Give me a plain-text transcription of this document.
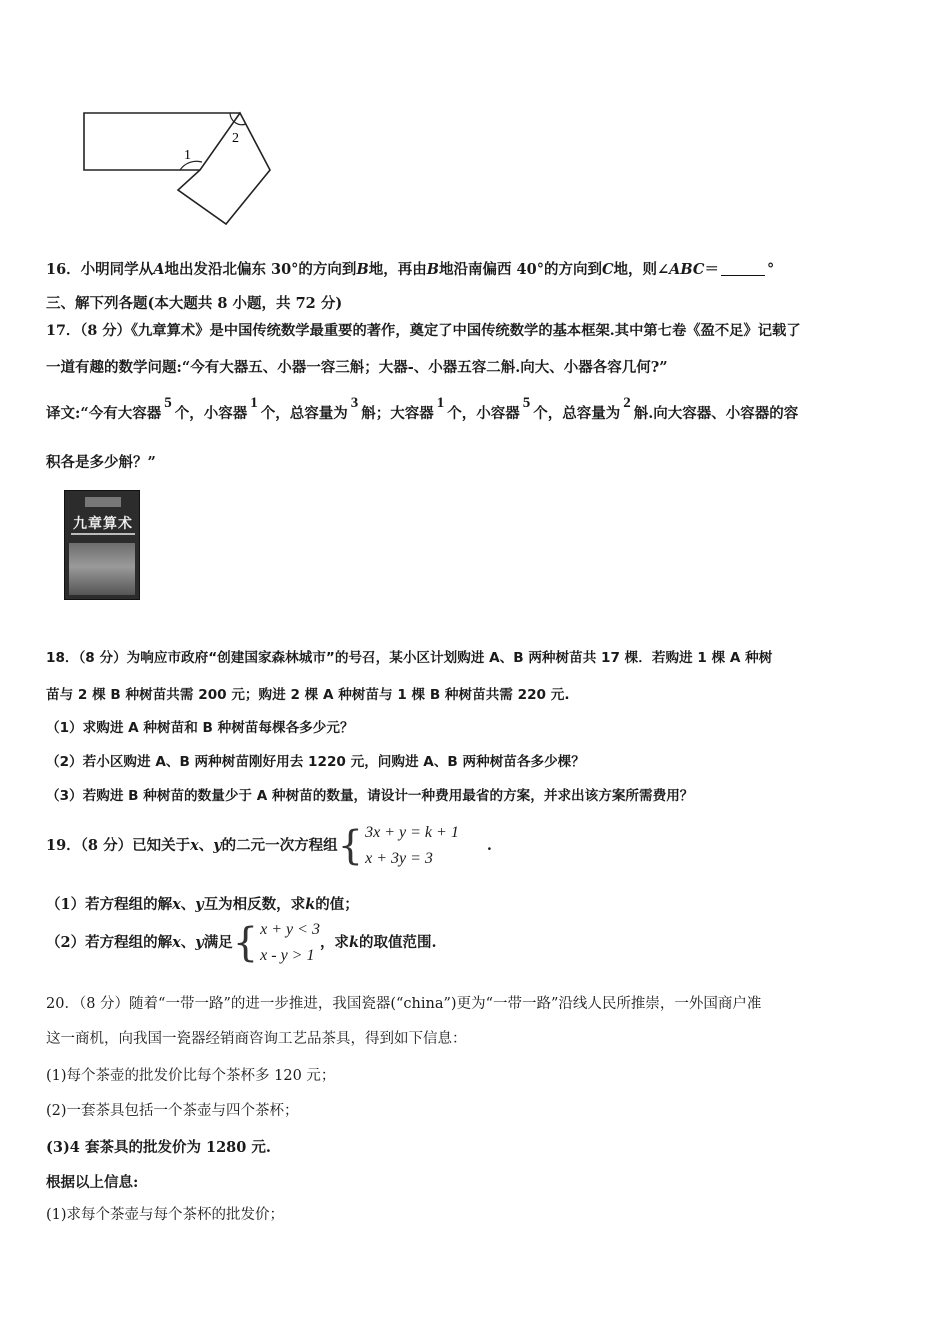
1
2
16．小明同学从A地出发沿北偏东 30°的方向到B地，再由B地沿南偏西 40°的方向到C地，则∠ABC＝	°
三、解下列各题(本大题共 8 小题，共 72 分)
17．（8 分）《九章算术》是中国传统数学最重要的著作，奠定了中国传统数学的基本框架.其中第七卷《盈不足》记载了
一道有趣的数学问题:“今有大器五、小器一容三斛；大器-、小器五容二斛.向大、小器各容几何?”
译文:“今有大容器5个，小容器1个，总容量为3斛；大容器1个，小容器5个，总容量为2斛.向大容器、小容器的容
积各是多少斛？”
九章算术
18．（8 分）为响应市政府“创建国家森林城市”的号召，某小区计划购进 A、B 两种树苗共 17 棵．若购进 1 棵 A 种树
苗与 2 棵 B 种树苗共需 200 元；购进 2 棵 A 种树苗与 1 棵 B 种树苗共需 220 元.
（1）求购进 A 种树苗和 B 种树苗每棵各多少元？
（2）若小区购进 A、B 两种树苗刚好用去 1220 元，问购进 A、B 两种树苗各多少棵？
（3）若购进 B 种树苗的数量少于 A 种树苗的数量，请设计一种费用最省的方案，并求出该方案所需费用？
19．（8 分）已知关于x、y的二元一次方程组{ 3x + y = k + 1
x + 3y = 3.
（1）若方程组的解x、y互为相反数，求k的值；
（2）若方程组的解x、y满足{ x + y < 3
x - y > 1，求k的取值范围.
20．（8 分）随着“一带一路”的进一步推进，我国瓷器(“china”)更为“一带一路”沿线人民所推崇，一外国商户准
这一商机，向我国一瓷器经销商咨询工艺品茶具，得到如下信息：
(1)每个茶壶的批发价比每个茶杯多 120 元；
(2)一套茶具包括一个茶壶与四个茶杯；
(3)4 套茶具的批发价为 1280 元.
根据以上信息:
(1)求每个茶壶与每个茶杯的批发价；
